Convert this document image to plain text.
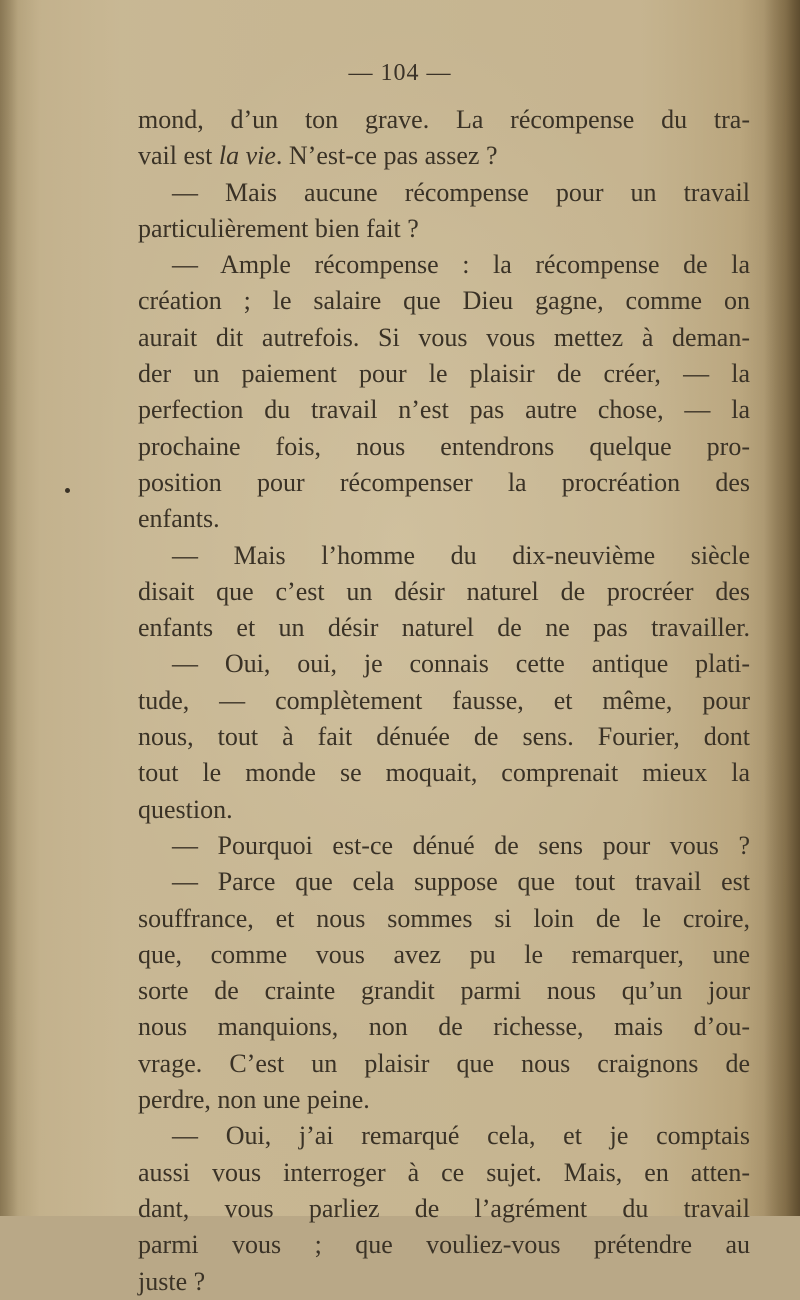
— 104 —
mond, d’un ton grave. La récompense du tra-
vail est la vie. N’est-ce pas assez ?
— Mais aucune récompense pour un travail
particulièrement bien fait ?
— Ample récompense : la récompense de la
création ; le salaire que Dieu gagne, comme on
aurait dit autrefois. Si vous vous mettez à deman-
der un paiement pour le plaisir de créer, — la
perfection du travail n’est pas autre chose, — la
prochaine fois, nous entendrons quelque pro-
position pour récompenser la procréation des
enfants.
— Mais l’homme du dix-neuvième siècle
disait que c’est un désir naturel de procréer des
enfants et un désir naturel de ne pas travailler.
— Oui, oui, je connais cette antique plati-
tude, — complètement fausse, et même, pour
nous, tout à fait dénuée de sens. Fourier, dont
tout le monde se moquait, comprenait mieux la
question.
— Pourquoi est-ce dénué de sens pour vous ?
— Parce que cela suppose que tout travail est
souffrance, et nous sommes si loin de le croire,
que, comme vous avez pu le remarquer, une
sorte de crainte grandit parmi nous qu’un jour
nous manquions, non de richesse, mais d’ou-
vrage. C’est un plaisir que nous craignons de
perdre, non une peine.
— Oui, j’ai remarqué cela, et je comptais
aussi vous interroger à ce sujet. Mais, en atten-
dant, vous parliez de l’agrément du travail
parmi vous ; que vouliez-vous prétendre au
juste ?
